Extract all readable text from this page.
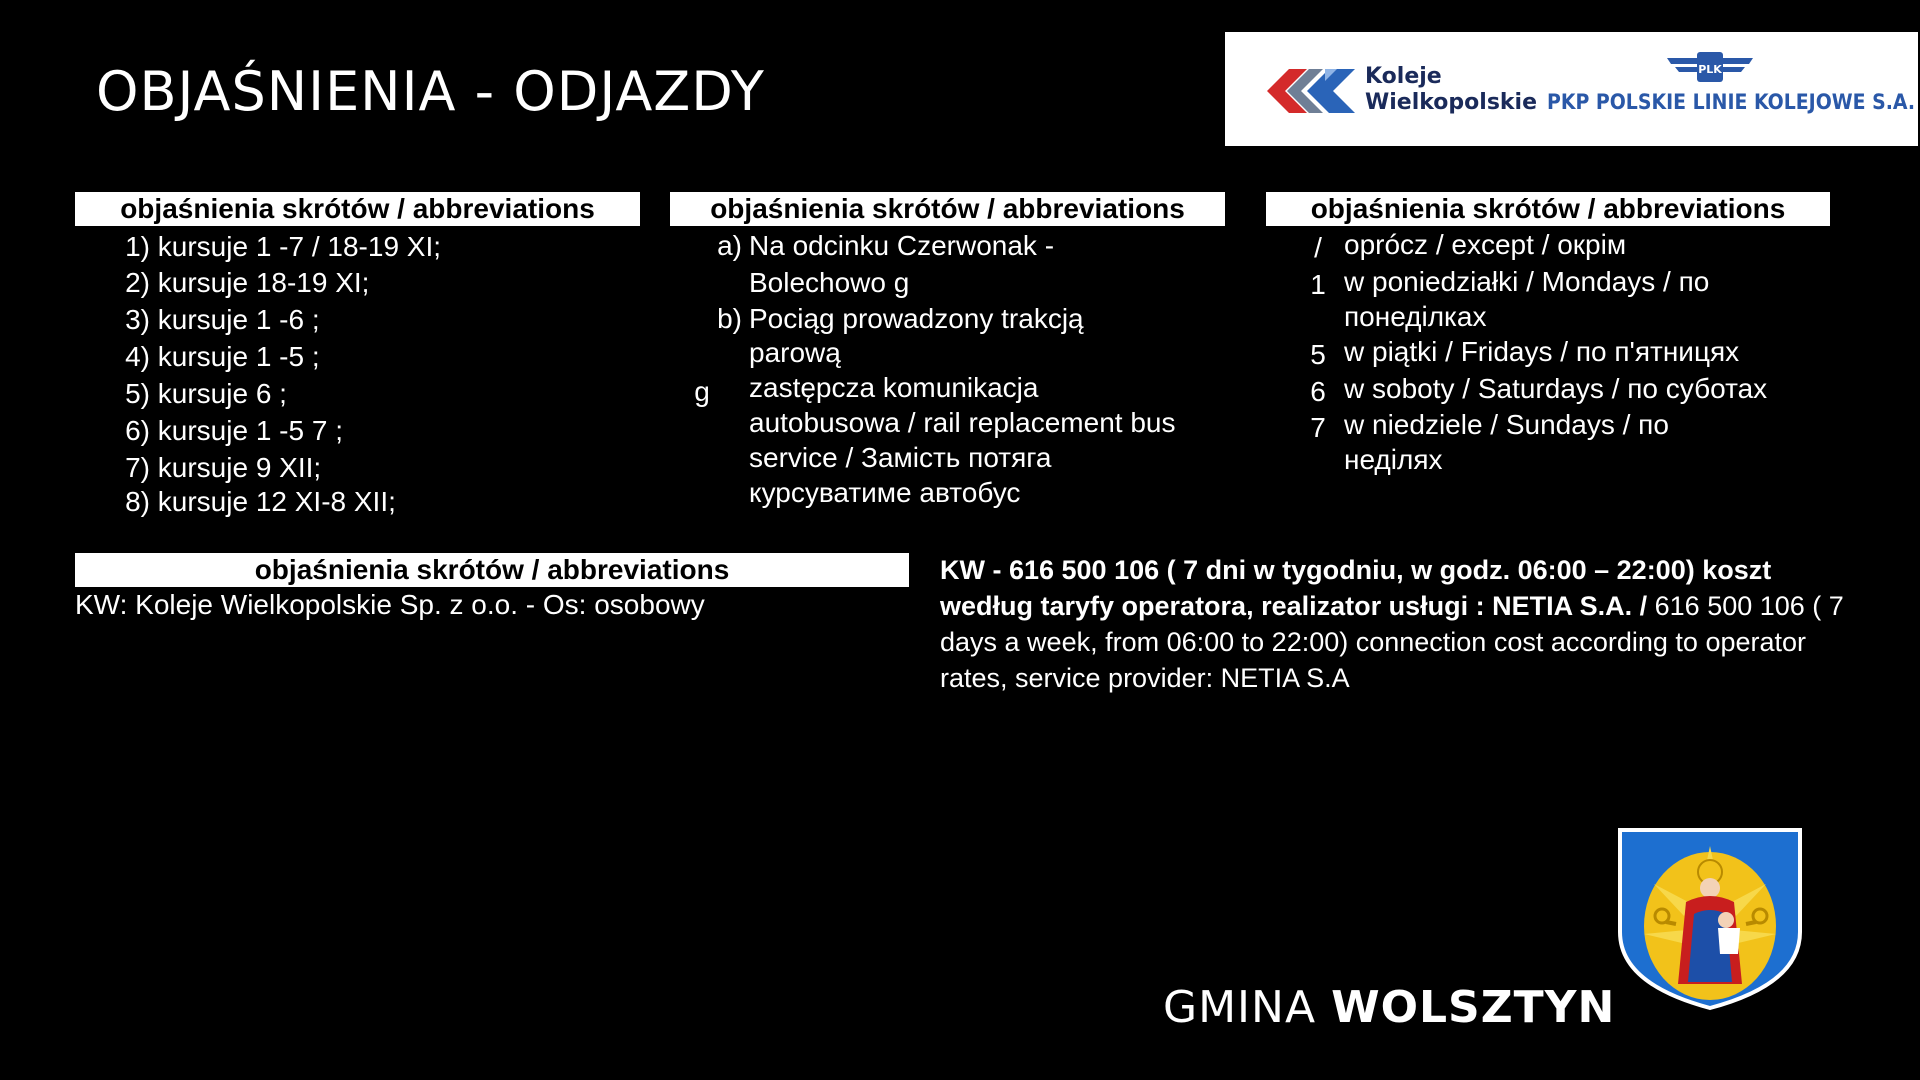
OBJAŚNIENIA - ODJAZDY	Koleje
Wielkopolskie
PLK
PKP POLSKIE LINIE KOLEJOWE S.A.
objaśnienia skrótów / abbreviations
1) kursuje 1 -7 / 18-19 XI;
2) kursuje 18-19 XI;
3) kursuje 1 -6 ;
4) kursuje 1 -5 ;
5) kursuje 6 ;
6) kursuje 1 -5 7 ;
7) kursuje 9 XII;
8) kursuje 12 XI-8 XII;
objaśnienia skrótów / abbreviations
a) Na odcinku Czerwonak -
Bolechowo g
b) Pociąg prowadzony trakcją
parową
g zastępcza komunikacja
autobusowa / rail replacement bus
service / Замість потяга
курсуватиме автобус
objaśnienia skrótów / abbreviations
/ oprócz / except / окрім
1 w poniedziałki / Mondays / по
понеділках
5 w piątki / Fridays / по п'ятницях
6 w soboty / Saturdays / по суботах
7 w niedziele / Sundays / по
неділях
objaśnienia skrótów / abbreviations
KW: Koleje Wielkopolskie Sp. z o.o. - Os: osobowy
KW - 616 500 106 ( 7 dni w tygodniu, w godz. 06:00 – 22:00) koszt według taryfy operatora, realizator usługi : NETIA S.A. / 616 500 106 ( 7 days a week, from 06:00 to 22:00) connection cost according to operator rates, service provider: NETIA S.A
GMINA WOLSZTYN
